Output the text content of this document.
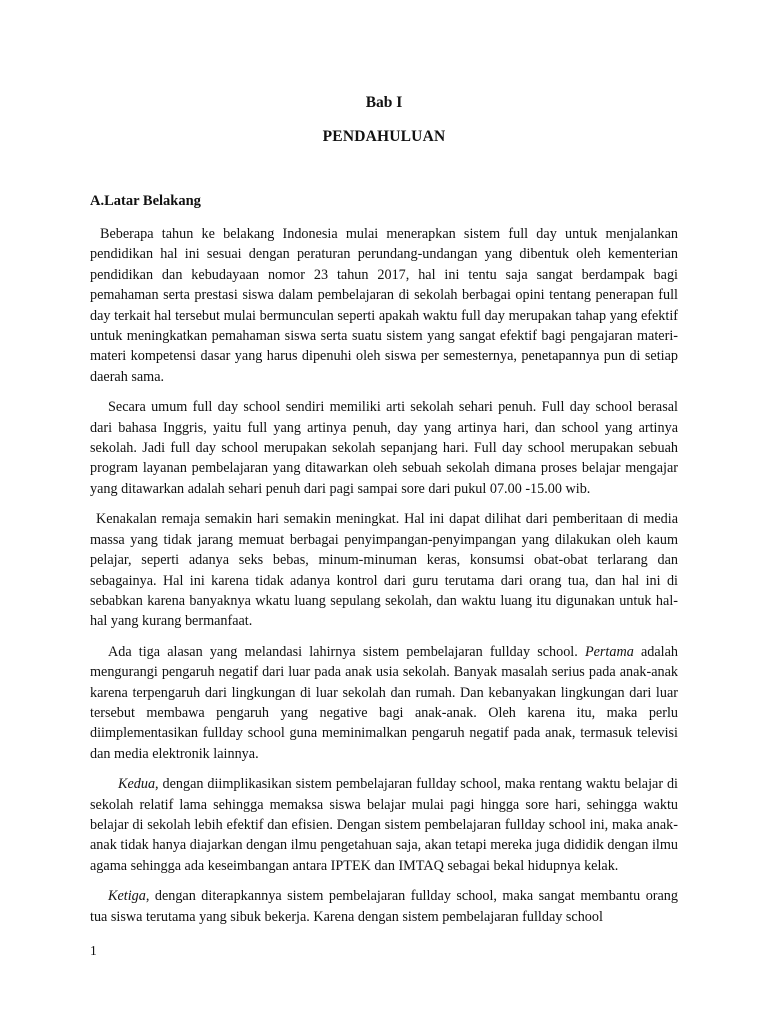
Bab I

PENDAHULUAN

A.Latar Belakang

Beberapa tahun ke belakang Indonesia mulai menerapkan sistem full day untuk menjalankan pendidikan hal ini sesuai dengan peraturan perundang-undangan yang dibentuk oleh kementerian pendidikan dan kebudayaan nomor 23 tahun 2017, hal ini tentu saja sangat berdampak bagi pemahaman serta prestasi siswa dalam pembelajaran di sekolah berbagai opini tentang penerapan full day terkait hal tersebut mulai bermunculan seperti apakah waktu full day merupakan tahap yang efektif untuk meningkatkan pemahaman siswa serta suatu sistem yang sangat efektif bagi pengajaran materi-materi kompetensi dasar yang harus dipenuhi oleh siswa per semesternya, penetapannya pun di setiap daerah sama.

Secara umum full day school sendiri memiliki arti sekolah sehari penuh. Full day school berasal dari bahasa Inggris, yaitu full yang artinya penuh, day yang artinya hari, dan school yang artinya sekolah. Jadi full day school merupakan sekolah sepanjang hari. Full day school merupakan sebuah program layanan pembelajaran yang ditawarkan oleh sebuah sekolah dimana proses belajar mengajar yang ditawarkan adalah sehari penuh dari pagi sampai sore dari pukul 07.00 -15.00 wib.

Kenakalan remaja semakin hari semakin meningkat. Hal ini dapat dilihat dari pemberitaan di media massa yang tidak jarang memuat berbagai penyimpangan-penyimpangan yang dilakukan oleh kaum pelajar, seperti adanya seks bebas, minum-minuman keras, konsumsi obat-obat terlarang dan sebagainya. Hal ini karena tidak adanya kontrol dari guru terutama dari orang tua, dan hal ini di sebabkan karena banyaknya wkatu luang sepulang sekolah, dan waktu luang itu digunakan untuk hal-hal yang kurang bermanfaat.

Ada tiga alasan yang melandasi lahirnya sistem pembelajaran fullday school. Pertama adalah mengurangi pengaruh negatif dari luar pada anak usia sekolah. Banyak masalah serius pada anak-anak karena terpengaruh dari lingkungan di luar sekolah dan rumah. Dan kebanyakan lingkungan dari luar tersebut membawa pengaruh yang negative bagi anak-anak. Oleh karena itu, maka perlu diimplementasikan fullday school guna meminimalkan pengaruh negatif pada anak, termasuk televisi dan media elektronik lainnya.

Kedua, dengan diimplikasikan sistem pembelajaran fullday school, maka rentang waktu belajar di sekolah relatif lama sehingga memaksa siswa belajar mulai pagi hingga sore hari, sehingga waktu belajar di sekolah lebih efektif dan efisien. Dengan sistem pembelajaran fullday school ini, maka anak-anak tidak hanya diajarkan dengan ilmu pengetahuan saja, akan tetapi mereka juga dididik dengan ilmu agama sehingga ada keseimbangan antara IPTEK dan IMTAQ sebagai bekal hidupnya kelak.

Ketiga, dengan diterapkannya sistem pembelajaran fullday school, maka sangat membantu orang tua siswa terutama yang sibuk bekerja. Karena dengan sistem pembelajaran fullday school

1
